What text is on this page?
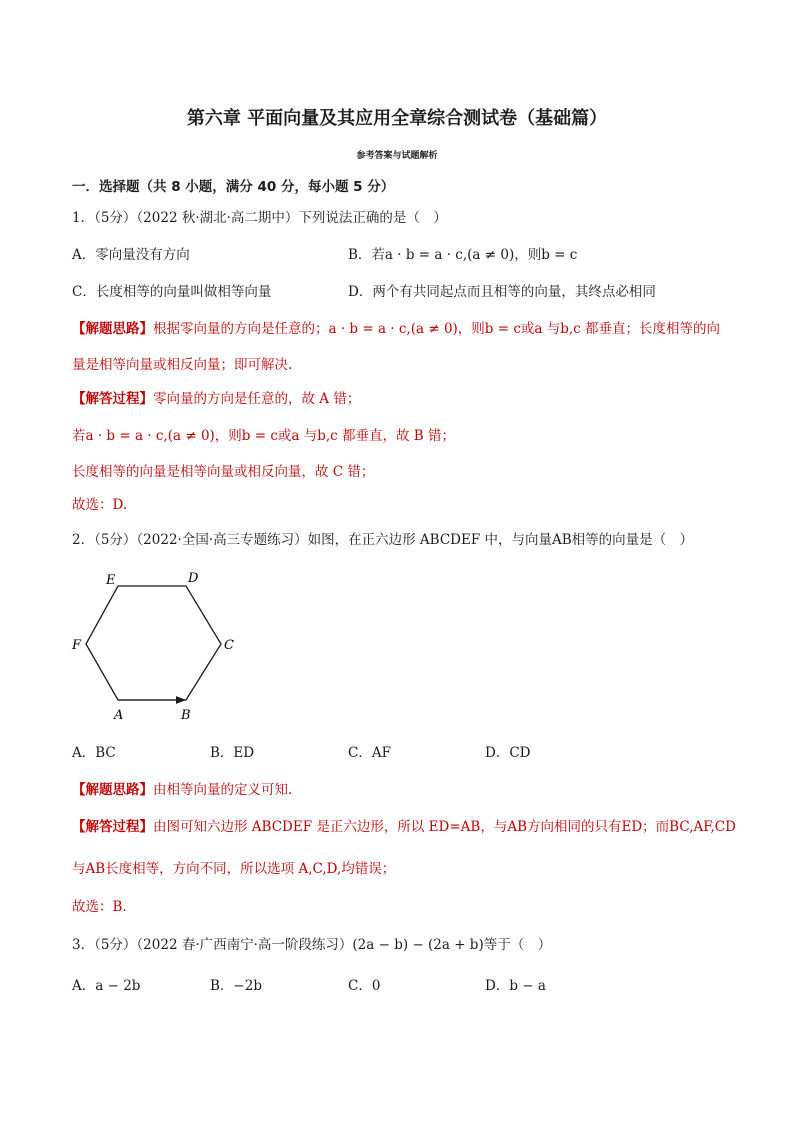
第六章 平面向量及其应用全章综合测试卷（基础篇）
参考答案与试题解析
一．选择题（共 8 小题，满分 40 分，每小题 5 分）
1．（5分）（2022 秋·湖北·高二期中）下列说法正确的是（　）
A．零向量没有方向	B．若a · b = a · c,(a ≠ 0)，则b = c
C．长度相等的向量叫做相等向量	D．两个有共同起点而且相等的向量，其终点必相同
【解题思路】根据零向量的方向是任意的；a · b = a · c,(a ≠ 0)，则b = c或a 与b,c 都垂直；长度相等的向
量是相等向量或相反向量；即可解决.
【解答过程】零向量的方向是任意的，故 A 错；
若a · b = a · c,(a ≠ 0)，则b = c或a 与b,c 都垂直，故 B 错；
长度相等的向量是相等向量或相反向量，故 C 错；
故选：D.
2．（5分）（2022·全国·高三专题练习）如图，在正六边形 ABCDEF 中，与向量AB相等的向量是（　）
A	B
C
D
E
F
A．BC	B．ED	C．AF	D．CD
【解题思路】由相等向量的定义可知.
【解答过程】由图可知六边形 ABCDEF 是正六边形，所以 ED=AB，与AB方向相同的只有ED；而BC,AF,CD
与AB长度相等，方向不同，所以选项 A,C,D,均错误；
故选：B.
3．（5分）（2022 春·广西南宁·高一阶段练习）(2a − b) − (2a + b)等于（　）
A．a − 2b	B．−2b	C．0	D．b − a
